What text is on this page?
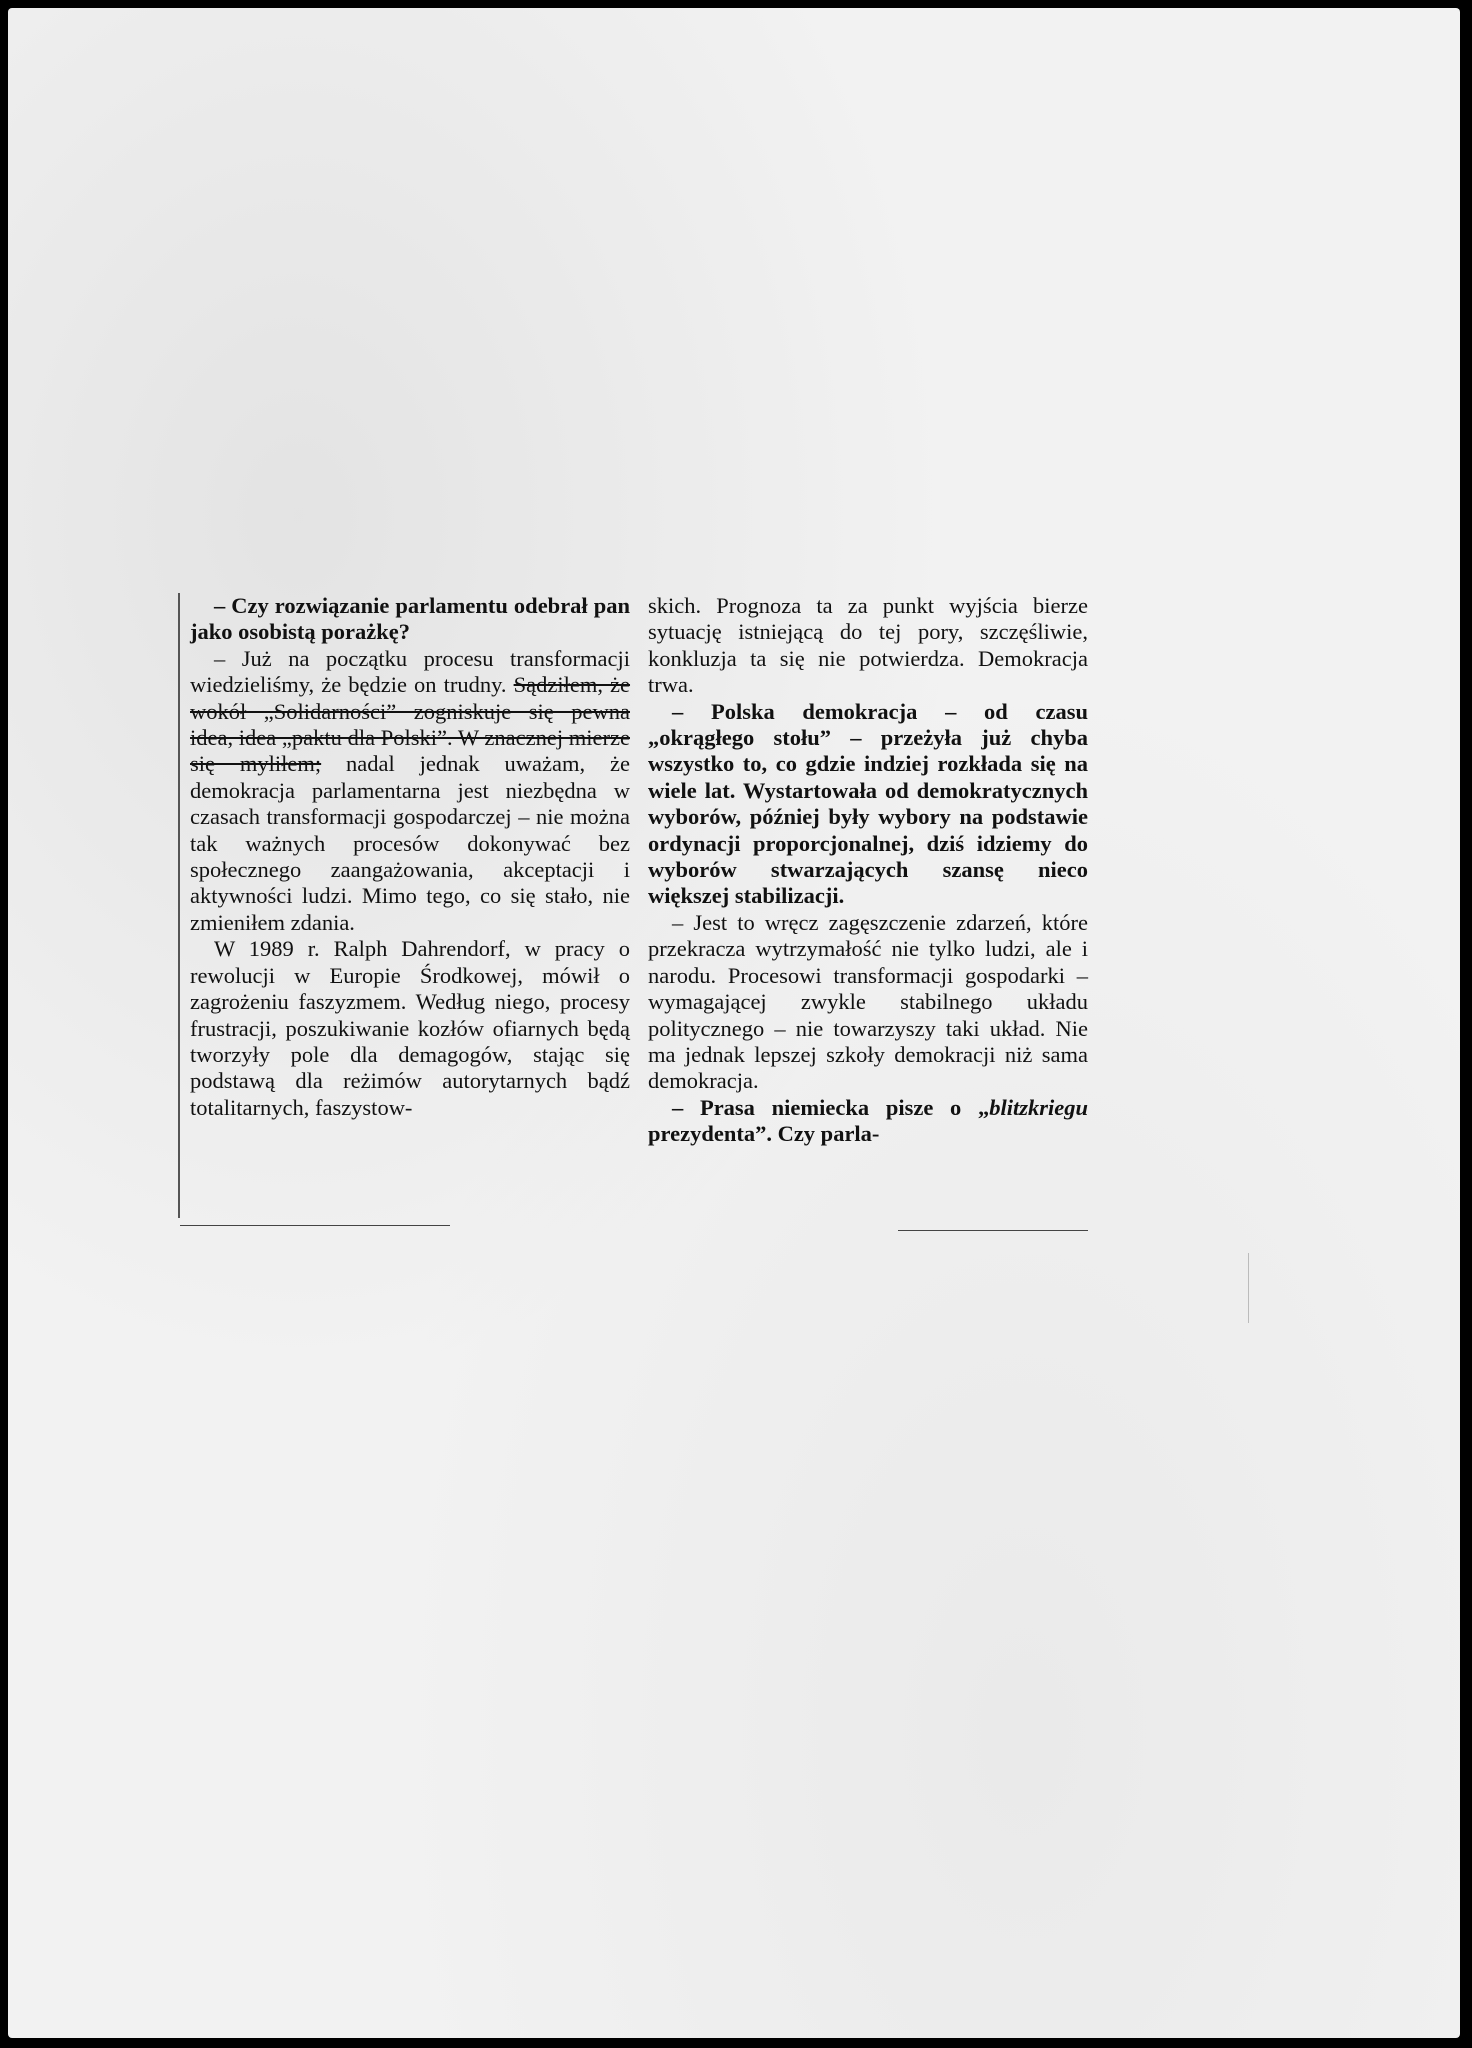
– Czy rozwiązanie parlamentu odebrał pan jako osobistą porażkę?

– Już na początku procesu transformacji wiedzieliśmy, że będzie on trudny. Sądziłem, że wokół „Solidarności” zogniskuje się pewna idea, idea „paktu dla Polski”. W znacznej mierze się myliłem; nadal jednak uważam, że demokracja parlamentarna jest niezbędna w czasach transformacji gospodarczej – nie można tak ważnych procesów dokonywać bez społecznego zaangażowania, akceptacji i aktywności ludzi. Mimo tego, co się stało, nie zmieniłem zdania.

W 1989 r. Ralph Dahrendorf, w pracy o rewolucji w Europie Środkowej, mówił o zagrożeniu faszyzmem. Według niego, procesy frustracji, poszukiwanie kozłów ofiarnych będą tworzyły pole dla demagogów, stając się podstawą dla reżimów autorytarnych bądź totalitarnych, faszystow-

skich. Prognoza ta za punkt wyjścia bierze sytuację istniejącą do tej pory, szczęśliwie, konkluzja ta się nie potwierdza. Demokracja trwa.

– Polska demokracja – od czasu „okrągłego stołu” – przeżyła już chyba wszystko to, co gdzie indziej rozkłada się na wiele lat. Wystartowała od demokratycznych wyborów, później były wybory na podstawie ordynacji proporcjonalnej, dziś idziemy do wyborów stwarzających szansę nieco większej stabilizacji.

– Jest to wręcz zagęszczenie zdarzeń, które przekracza wytrzymałość nie tylko ludzi, ale i narodu. Procesowi transformacji gospodarki – wymagającej zwykle stabilnego układu politycznego – nie towarzyszy taki układ. Nie ma jednak lepszej szkoły demokracji niż sama demokracja.

– Prasa niemiecka pisze o „blitzkriegu prezydenta”. Czy parla-
